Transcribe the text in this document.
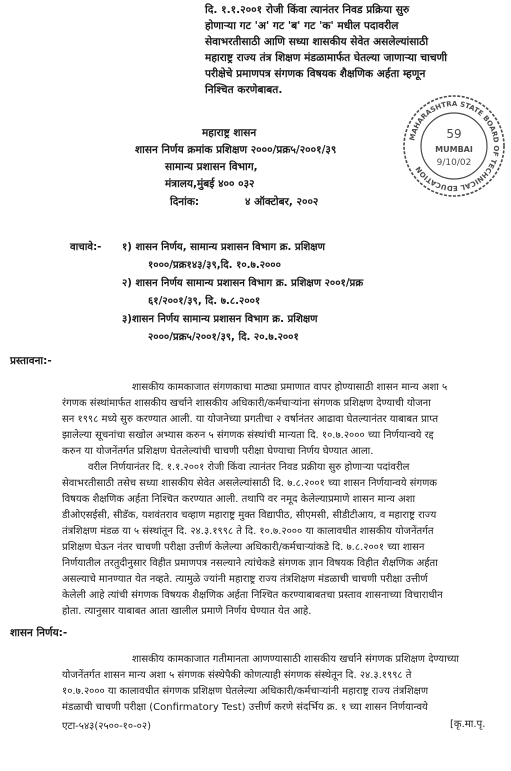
दि. १.१.२००१ रोजी किंवा त्यानंतर निवड प्रक्रिया सुरु
होणाऱ्या गट 'अ' गट 'ब' गट 'क' मधील पदावरील
सेवाभरतीसाठी आणि सध्या शासकीय सेवेत असलेल्यांसाठी
महाराष्ट्र राज्य तंत्र शिक्षण मंडळामार्फत घेतल्या जाणाऱ्या चाचणी
परीक्षेचे प्रमाणपत्र संगणक विषयक शैक्षणिक अर्हता म्हणून
निश्चित करणेबाबत.
महाराष्ट्र शासन
शासन निर्णय क्रमांक प्रशिक्षण २०००/प्रक्र५/२००१/३९
सामान्य प्रशासन विभाग,
मंत्रालय,मुंबई ४०० ०३२
दिनांक:	४ ऑक्टोबर, २००२
MAHARASHTRA STATE BOARD OF TECHNICAL EDUCATION
59
MUMBAI
9/10/02
वाचावे:- १) शासन निर्णय, सामान्य प्रशासन विभाग क्र. प्रशिक्षण
१०००/प्रक्र१४३/३९,दि. १०.७.२०००
२) शासन निर्णय सामान्य प्रशासन विभाग क्र. प्रशिक्षण २००१/प्रक्र
६१/२००१/३९, दि. ७.८.२००१
३)शासन निर्णय सामान्य प्रशासन विभाग क्र. प्रशिक्षण
२०००/प्रक्र५/२००१/३९, दि. २०.७.२००१
प्रस्तावना:-
शासकीय कामकाजात संगणकाचा माठ्या प्रमाणात वापर होण्यासाठी शासन मान्य अशा ५
रंगणक संस्थांमार्फत शासकीय खर्चाने शासकीय अधिकारी/कर्मचाऱ्यांना संगणक प्रशिक्षण देण्याची योजना
सन १९९८ मध्ये सुरु करण्यात आली. या योजनेच्या प्रगतीचा २ वर्षानंतर आढावा घेतल्यानंतर याबाबत प्राप्त
झालेल्या सूचनांचा सखोल अभ्यास करुन ५ संगणक संस्थांची मान्यता दि. १०.७.२००० च्या निर्णयान्वये रद्द
करुन या योजनेंतर्गत प्रशिक्षण घेतलेल्यांची चाचणी परीक्षा घेण्याचा निर्णय घेण्यात आला.
वरील निर्णयानंतर दि. १.१.२००१ रोजी किंवा त्यानंतर निवड प्रक्रीया सुरु होणाऱ्या पदांवरील
सेवाभरतीसाठी तसेच सध्या शासकीय सेवेत असलेल्यांसाठी दि. ७.८.२००१ च्या शासन निर्णयान्वये संगणक
विषयक शैक्षणिक अर्हता निश्चित करण्यात आली. तथापि वर नमूद केलेल्याप्रमाणे शासन मान्य अशा
डीओएसईसी, सीडॅक, यशवंतराव चव्हाण महाराष्ट्र मुक्त विद्यापीठ, सीएमसी, सीडीटीआय, व महाराष्ट्र राज्य
तंत्रशिक्षण मंडळ या ५ संस्थांतून दि. २४.३.१९९८ ते दि. १०.७.२००० या कालावधीत शासकीय योजनेंतर्गत
प्रशिक्षण घेऊन नंतर चाचणी परीक्षा उत्तीर्ण केलेल्या अधिकारी/कर्मचाऱ्यांकडे दि. ७.८.२००१ च्या शासन
निर्णयातील तरतुदीनुसार विहीत प्रमाणपत्र नसल्याने त्यांचेकडे संगणक ज्ञान विषयक विहीत शैक्षणिक अर्हता
असल्याचे मानण्यात येत नव्हते. त्यामुळे ज्यांनी महाराष्ट्र राज्य तंत्रशिक्षण मंडळाची चाचणी परीक्षा उत्तीर्ण
केलेली आहे त्यांची संगणक विषयक शैक्षणिक अर्हता निश्चित करण्याबाबतचा प्रस्ताव शासनाच्या विचाराधीन
होता. त्यानुसार याबाबत आता खालील प्रमाणे निर्णय घेण्यात येत आहे.
शासन निर्णय:-
शासकीय कामकाजात गतीमानता आणण्यासाठी शासकीय खर्चाने संगणक प्रशिक्षण देण्याच्या
योजनेंतर्गत शासन मान्य अशा ५ संगणक संस्थेपैकी कोणत्याही संगणक संस्थेतून दि. २४.३.१९९८ ते
१०.७.२००० या कालावधीत संगणक प्रशिक्षण घेतलेल्या अधिकारी/कर्मचाऱ्यांनी महाराष्ट्र राज्य तंत्रशिक्षण
मंडळाची चाचणी परीक्षा (Confirmatory Test) उत्तीर्ण करणे संदर्भिय क्र. १ च्या शासन निर्णयान्वये
एटा-५४३(२५००-१०-०२)	[कृ.मा.पृ.
